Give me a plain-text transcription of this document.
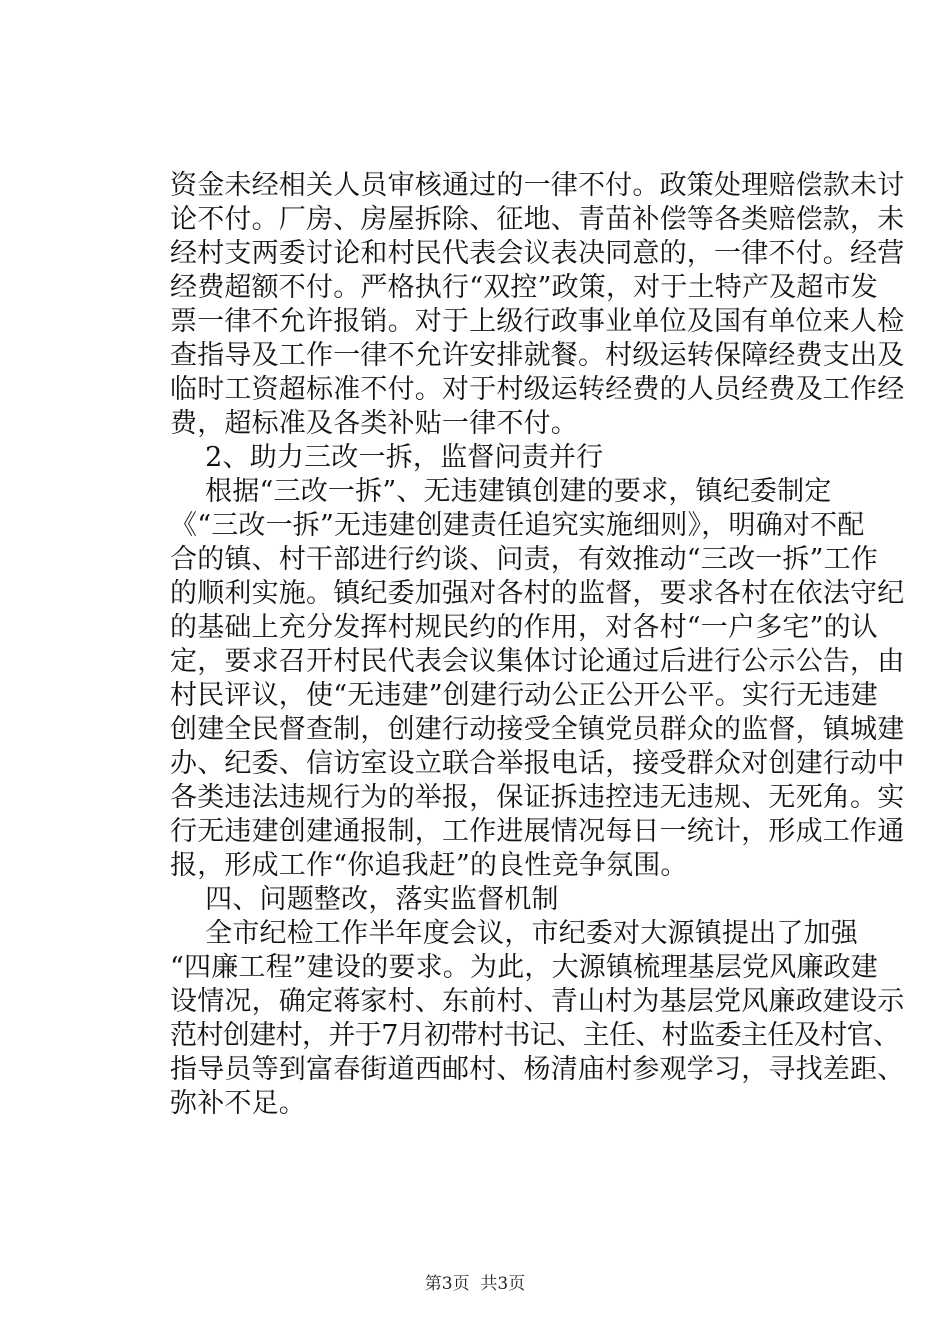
资金未经相关人员审核通过的一律不付。政策处理赔偿款未讨
论不付。厂房、房屋拆除、征地、青苗补偿等各类赔偿款，未
经村支两委讨论和村民代表会议表决同意的，一律不付。经营
经费超额不付。严格执行“双控”政策，对于土特产及超市发
票一律不允许报销。对于上级行政事业单位及国有单位来人检
查指导及工作一律不允许安排就餐。村级运转保障经费支出及
临时工资超标准不付。对于村级运转经费的人员经费及工作经
费，超标准及各类补贴一律不付。
2、助力三改一拆，监督问责并行
根据“三改一拆”、无违建镇创建的要求，镇纪委制定
《“三改一拆”无违建创建责任追究实施细则》，明确对不配
合的镇、村干部进行约谈、问责，有效推动“三改一拆”工作
的顺利实施。镇纪委加强对各村的监督，要求各村在依法守纪
的基础上充分发挥村规民约的作用，对各村“一户多宅”的认
定，要求召开村民代表会议集体讨论通过后进行公示公告，由
村民评议，使“无违建”创建行动公正公开公平。实行无违建
创建全民督查制，创建行动接受全镇党员群众的监督，镇城建
办、纪委、信访室设立联合举报电话，接受群众对创建行动中
各类违法违规行为的举报，保证拆违控违无违规、无死角。实
行无违建创建通报制，工作进展情况每日一统计，形成工作通
报，形成工作“你追我赶”的良性竞争氛围。
四、问题整改，落实监督机制
全市纪检工作半年度会议，市纪委对大源镇提出了加强
“四廉工程”建设的要求。为此，大源镇梳理基层党风廉政建
设情况，确定蒋家村、东前村、青山村为基层党风廉政建设示
范村创建村，并于7月初带村书记、主任、村监委主任及村官、
指导员等到富春街道西邮村、杨清庙村参观学习，寻找差距、
弥补不足。
第3页  共3页
